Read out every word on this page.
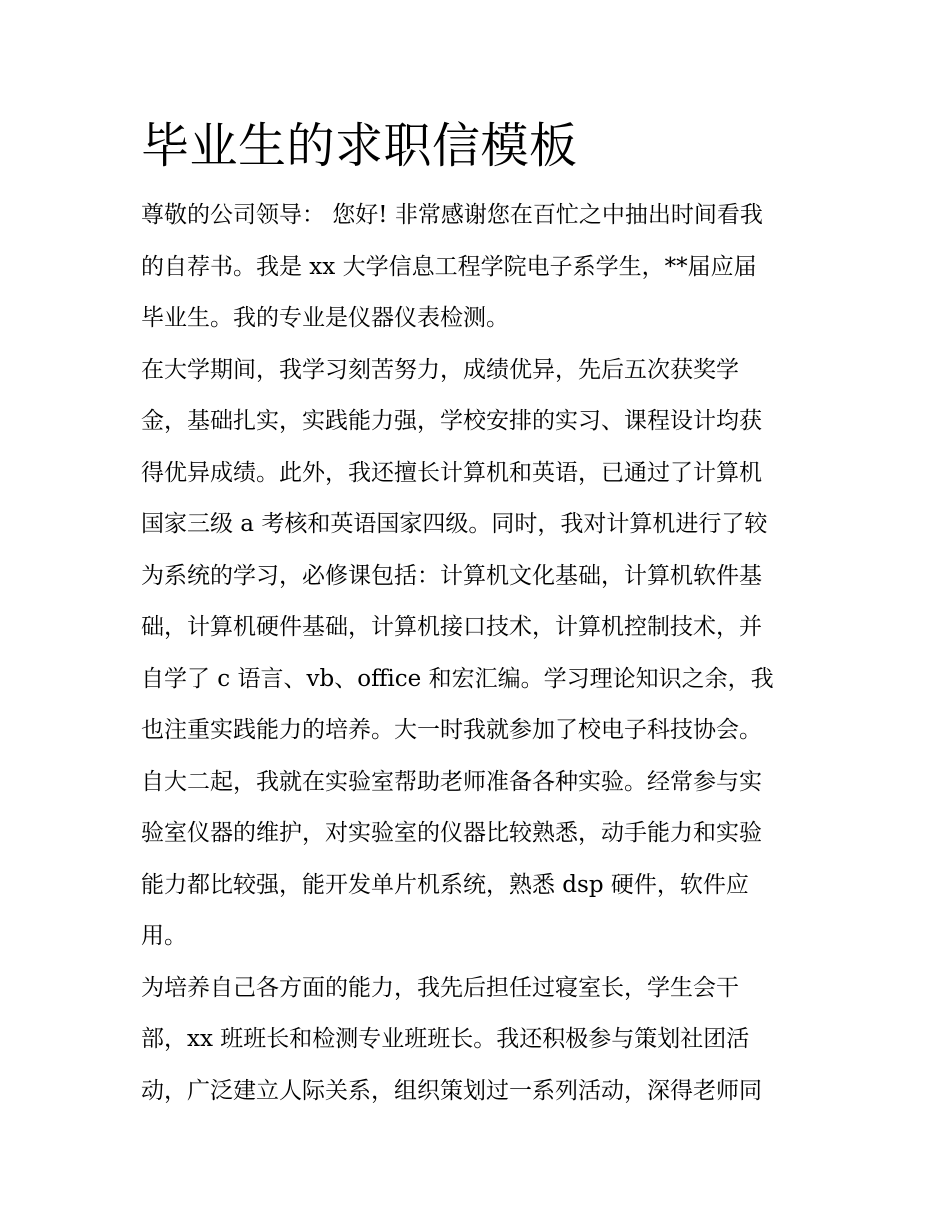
毕业生的求职信模板

尊敬的公司领导： 您好! 非常感谢您在百忙之中抽出时间看我
的自荐书。我是 xx 大学信息工程学院电子系学生，**届应届
毕业生。我的专业是仪器仪表检测。

在大学期间，我学习刻苦努力，成绩优异，先后五次获奖学
金，基础扎实，实践能力强，学校安排的实习、课程设计均获
得优异成绩。此外，我还擅长计算机和英语，已通过了计算机
国家三级 a 考核和英语国家四级。同时，我对计算机进行了较
为系统的学习，必修课包括：计算机文化基础，计算机软件基
础，计算机硬件基础，计算机接口技术，计算机控制技术，并
自学了 c 语言、vb、office 和宏汇编。学习理论知识之余，我
也注重实践能力的培养。大一时我就参加了校电子科技协会。
自大二起，我就在实验室帮助老师准备各种实验。经常参与实
验室仪器的维护，对实验室的仪器比较熟悉，动手能力和实验
能力都比较强，能开发单片机系统，熟悉 dsp 硬件，软件应
用。

为培养自己各方面的能力，我先后担任过寝室长，学生会干
部，xx 班班长和检测专业班班长。我还积极参与策划社团活
动，广泛建立人际关系，组织策划过一系列活动，深得老师同
